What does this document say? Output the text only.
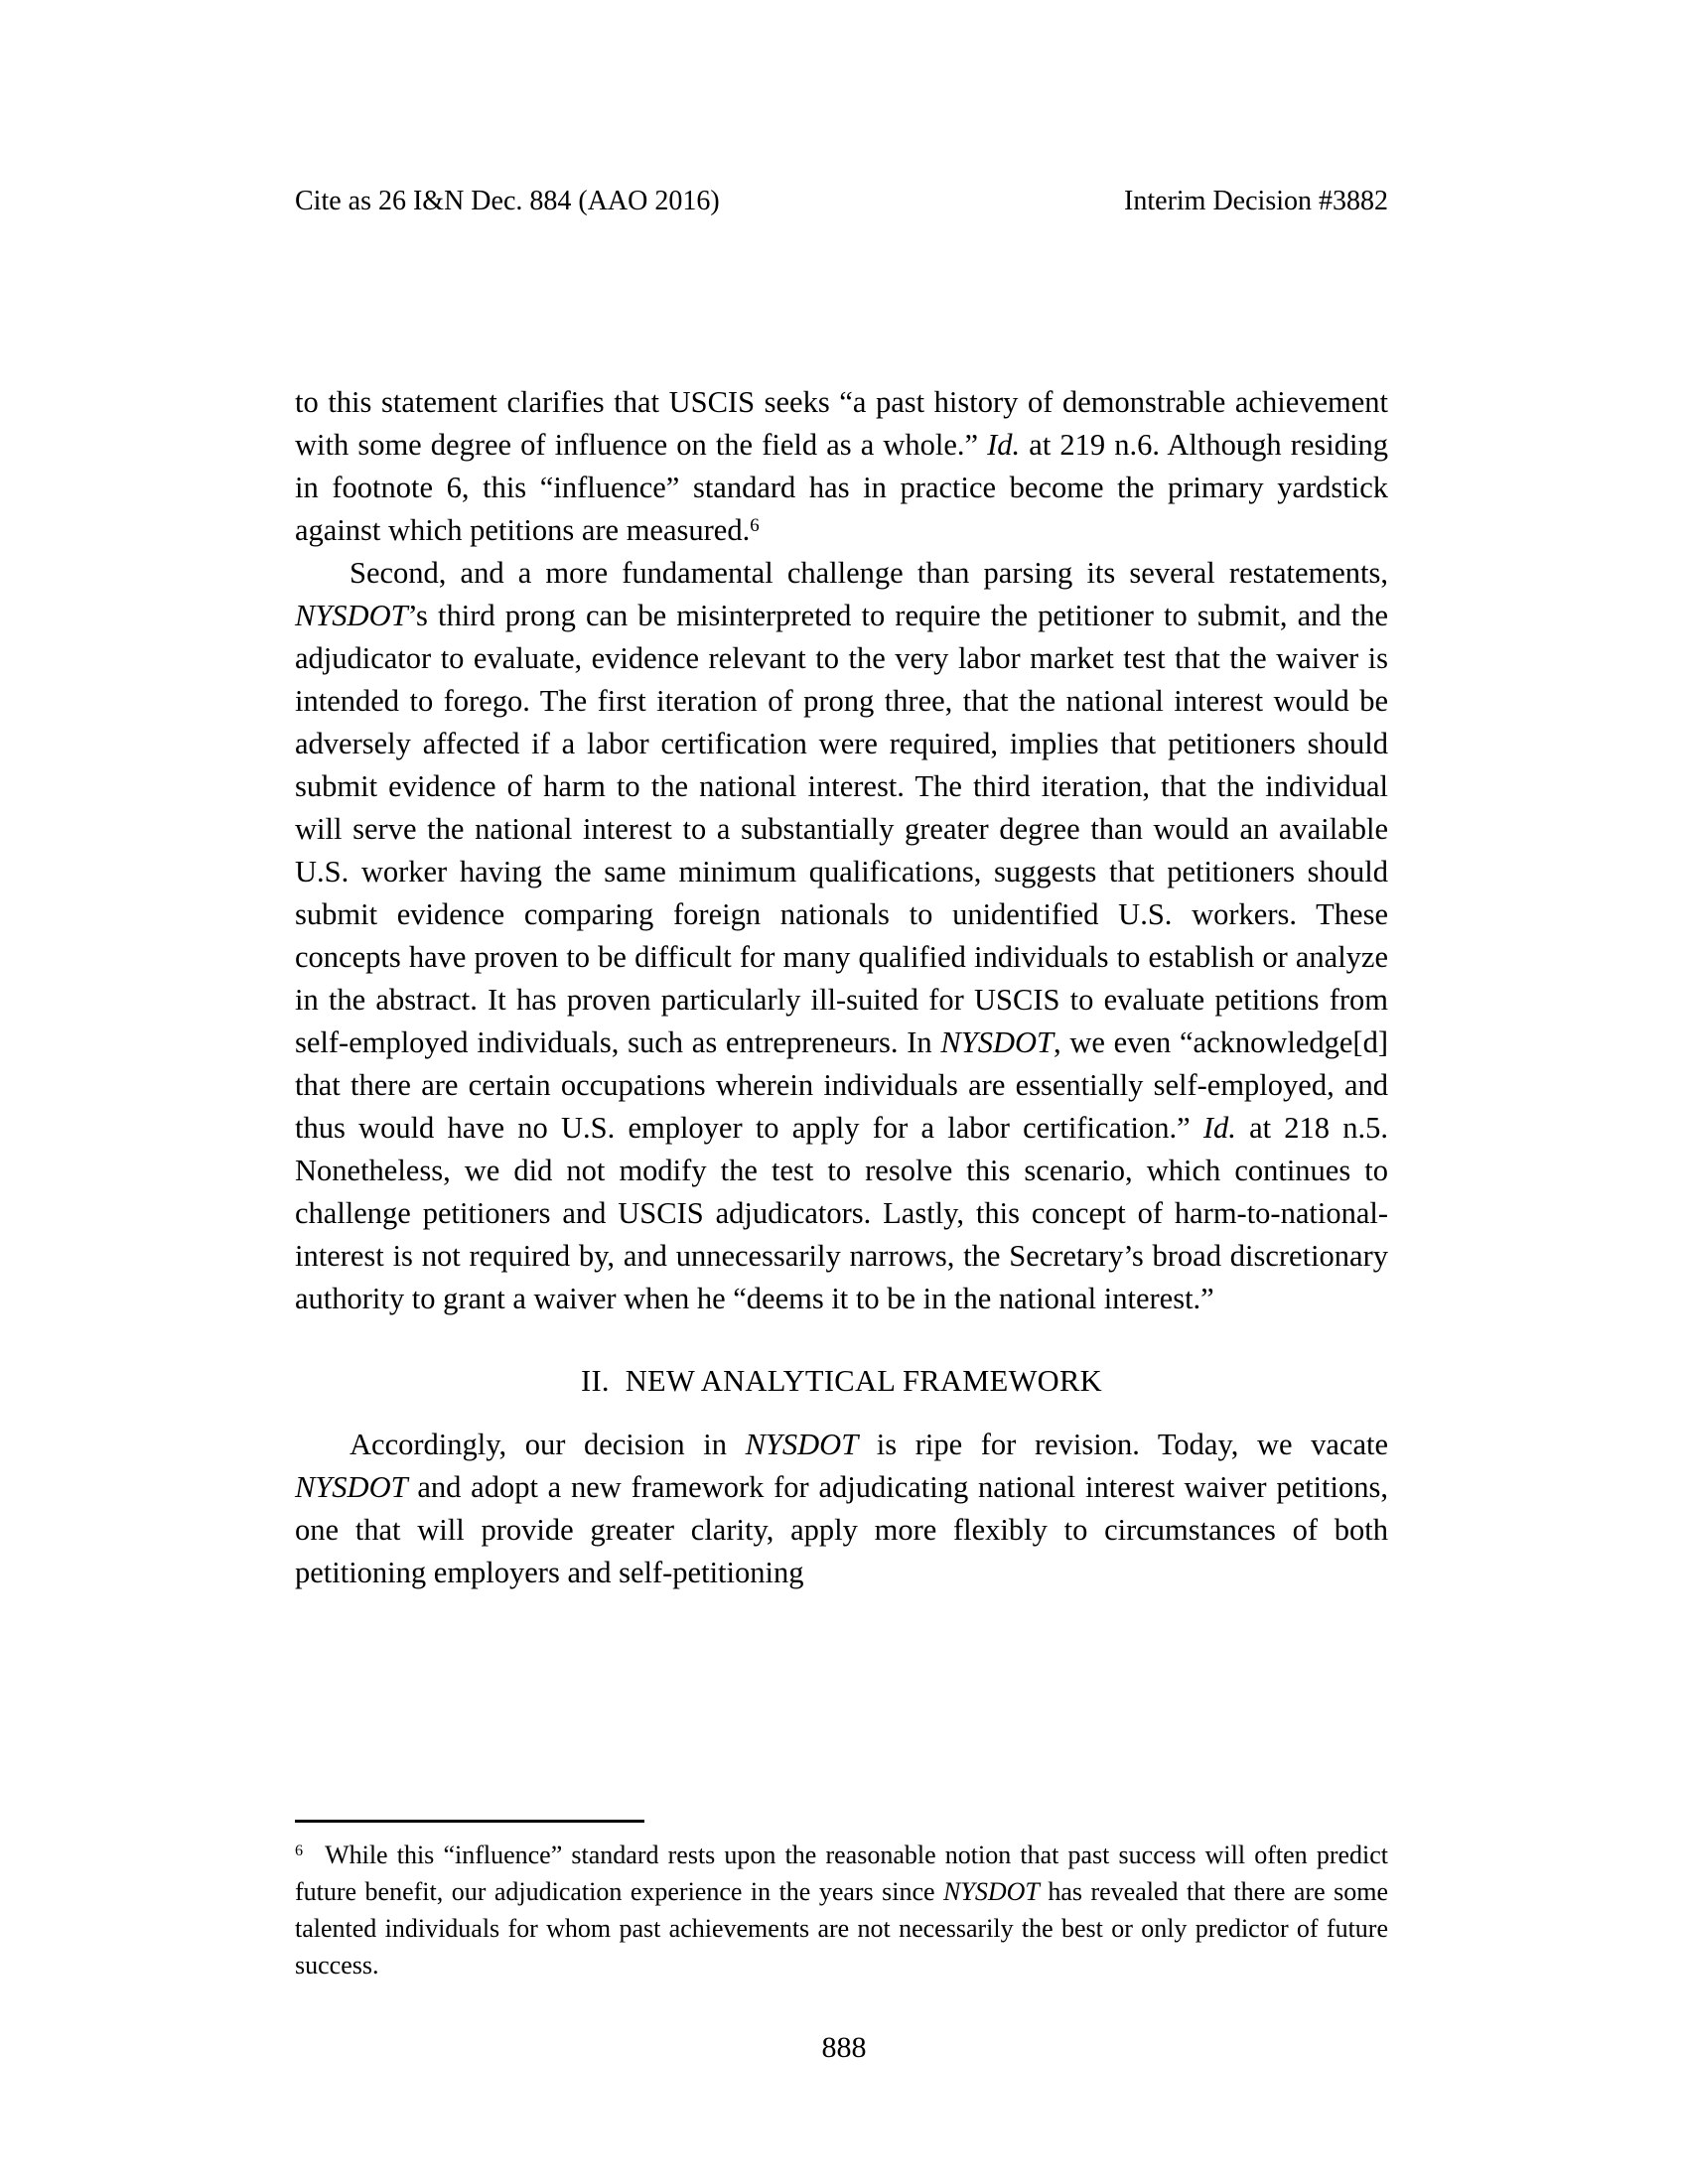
Cite as 26 I&N Dec. 884 (AAO 2016)	Interim Decision #3882

to this statement clarifies that USCIS seeks “a past history of demonstrable achievement with some degree of influence on the field as a whole.” Id. at 219 n.6. Although residing in footnote 6, this “influence” standard has in practice become the primary yardstick against which petitions are measured.$^6$

Second, and a more fundamental challenge than parsing its several restatements, NYSDOT’s third prong can be misinterpreted to require the petitioner to submit, and the adjudicator to evaluate, evidence relevant to the very labor market test that the waiver is intended to forego. The first iteration of prong three, that the national interest would be adversely affected if a labor certification were required, implies that petitioners should submit evidence of harm to the national interest. The third iteration, that the individual will serve the national interest to a substantially greater degree than would an available U.S. worker having the same minimum qualifications, suggests that petitioners should submit evidence comparing foreign nationals to unidentified U.S. workers. These concepts have proven to be difficult for many qualified individuals to establish or analyze in the abstract. It has proven particularly ill-suited for USCIS to evaluate petitions from self-employed individuals, such as entrepreneurs. In NYSDOT, we even “acknowledge[d] that there are certain occupations wherein individuals are essentially self-employed, and thus would have no U.S. employer to apply for a labor certification.” Id. at 218 n.5. Nonetheless, we did not modify the test to resolve this scenario, which continues to challenge petitioners and USCIS adjudicators. Lastly, this concept of harm-to-national-interest is not required by, and unnecessarily narrows, the Secretary’s broad discretionary authority to grant a waiver when he “deems it to be in the national interest.”

II.  NEW ANALYTICAL FRAMEWORK

Accordingly, our decision in NYSDOT is ripe for revision. Today, we vacate NYSDOT and adopt a new framework for adjudicating national interest waiver petitions, one that will provide greater clarity, apply more flexibly to circumstances of both petitioning employers and self-petitioning

$^6$ While this “influence” standard rests upon the reasonable notion that past success will often predict future benefit, our adjudication experience in the years since NYSDOT has revealed that there are some talented individuals for whom past achievements are not necessarily the best or only predictor of future success.

888
